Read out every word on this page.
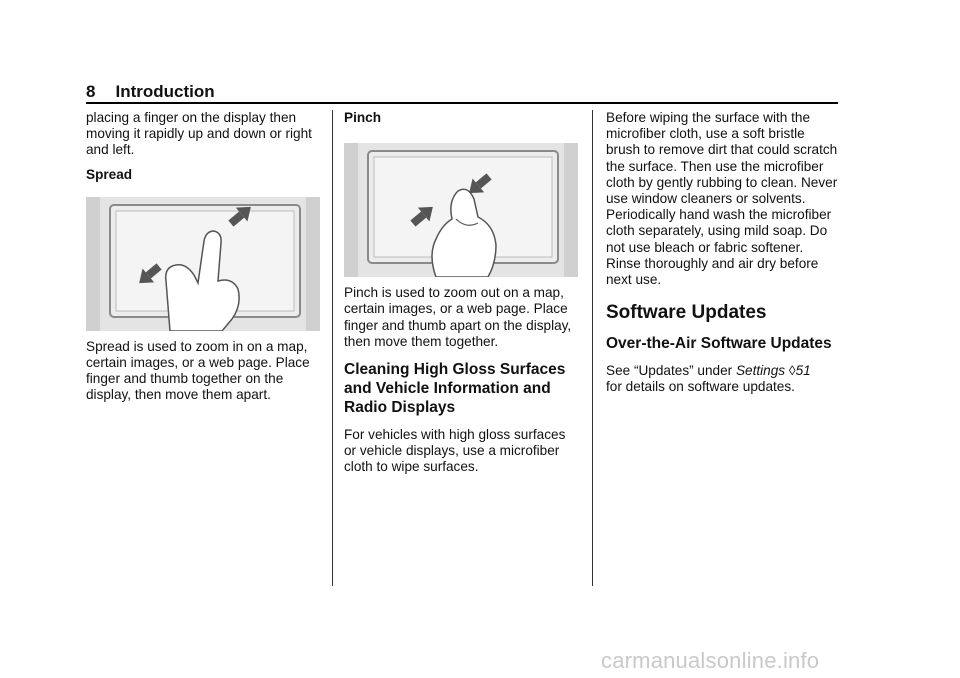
8 Introduction

placing a finger on the display then moving it rapidly up and down or right and left.

Spread

Spread is used to zoom in on a map, certain images, or a web page. Place finger and thumb together on the display, then move them apart.

Pinch

Pinch is used to zoom out on a map, certain images, or a web page. Place finger and thumb apart on the display, then move them together.

Cleaning High Gloss Surfaces and Vehicle Information and Radio Displays

For vehicles with high gloss surfaces or vehicle displays, use a microfiber cloth to wipe surfaces.

Before wiping the surface with the microfiber cloth, use a soft bristle brush to remove dirt that could scratch the surface. Then use the microfiber cloth by gently rubbing to clean. Never use window cleaners or solvents. Periodically hand wash the microfiber cloth separately, using mild soap. Do not use bleach or fabric softener. Rinse thoroughly and air dry before next use.

Software Updates
Over-the-Air Software Updates

See “Updates” under Settings ◊51
for details on software updates.

carmanualsonline.info
